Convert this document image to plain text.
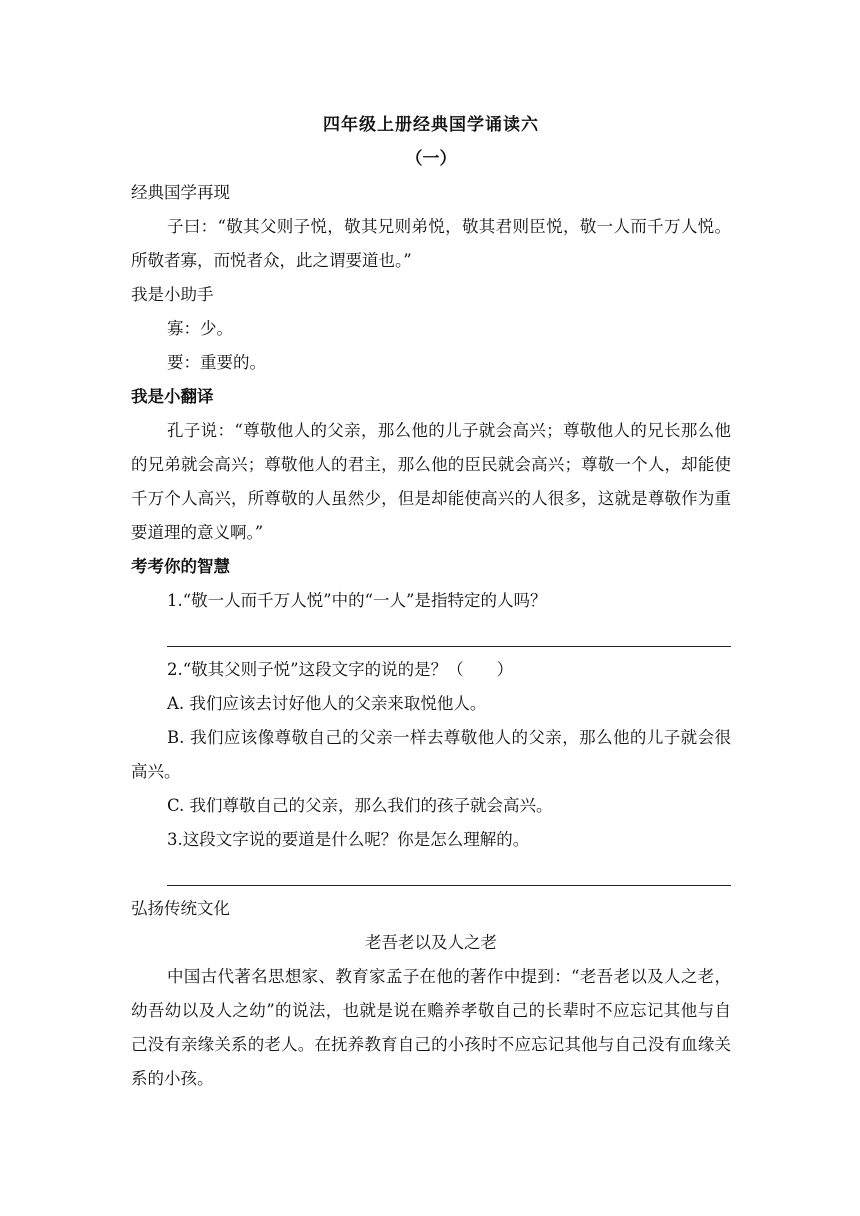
四年级上册经典国学诵读六
（一）
经典国学再现

子曰：“敬其父则子悦，敬其兄则弟悦，敬其君则臣悦，敬一人而千万人悦。所敬者寡，而悦者众，此之谓要道也。”

我是小助手
寡：少。
要：重要的。
我是小翻译

孔子说：“尊敬他人的父亲，那么他的儿子就会高兴；尊敬他人的兄长那么他的兄弟就会高兴；尊敬他人的君主，那么他的臣民就会高兴；尊敬一个人，却能使千万个人高兴，所尊敬的人虽然少，但是却能使高兴的人很多，这就是尊敬作为重要道理的意义啊。”

考考你的智慧
1.“敬一人而千万人悦”中的“一人”是指特定的人吗？
2.“敬其父则子悦”这段文字的说的是？（　　）
A. 我们应该去讨好他人的父亲来取悦他人。

B. 我们应该像尊敬自己的父亲一样去尊敬他人的父亲，那么他的儿子就会很高兴。

C. 我们尊敬自己的父亲，那么我们的孩子就会高兴。
3.这段文字说的要道是什么呢？你是怎么理解的。
弘扬传统文化
老吾老以及人之老

中国古代著名思想家、教育家孟子在他的著作中提到：“老吾老以及人之老，幼吾幼以及人之幼”的说法，也就是说在赡养孝敬自己的长辈时不应忘记其他与自己没有亲缘关系的老人。在抚养教育自己的小孩时不应忘记其他与自己没有血缘关系的小孩。
